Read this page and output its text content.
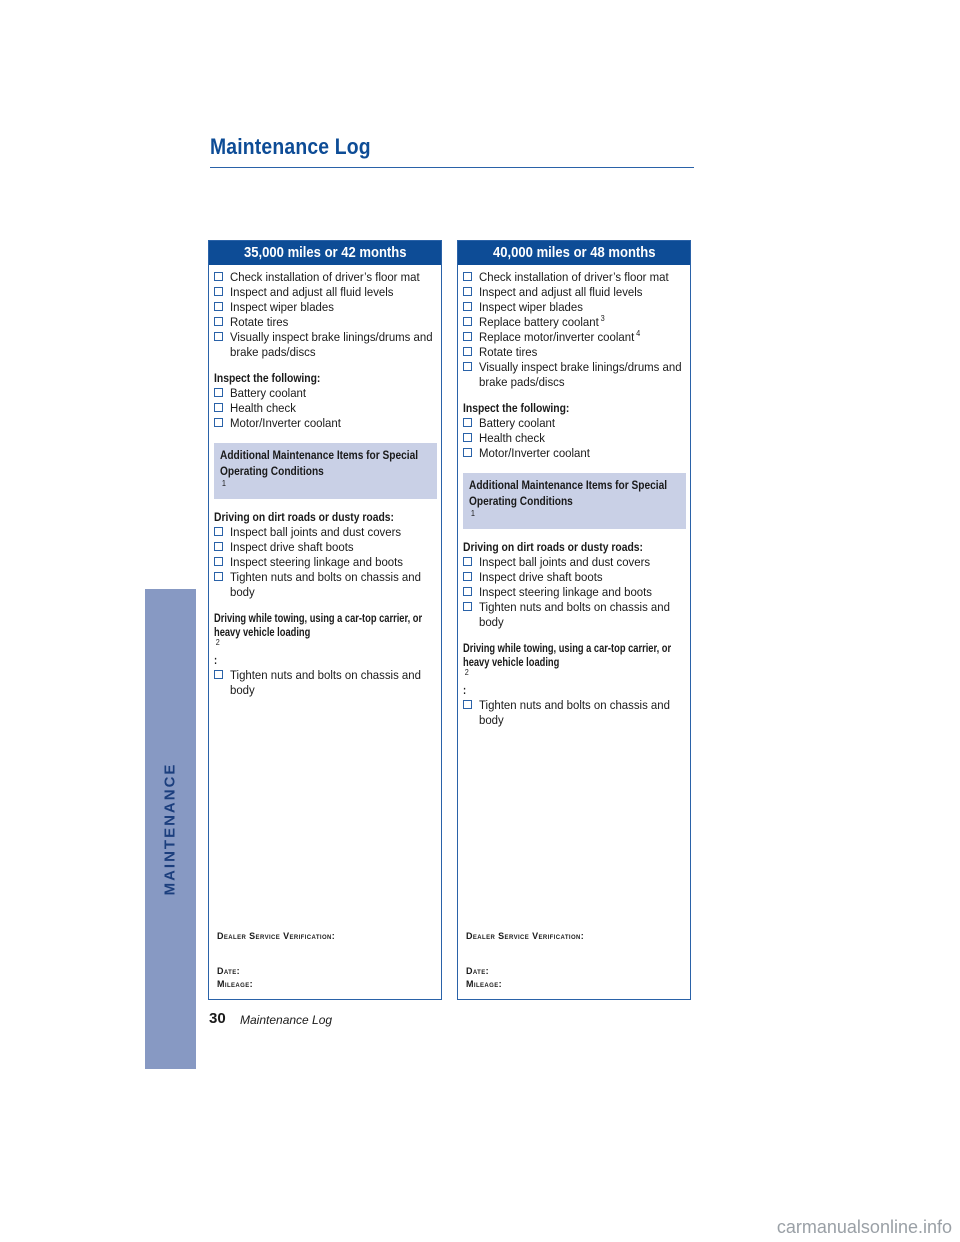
Maintenance Log
MAINTENANCE
35,000 miles or 42 months
Check installation of driver’s floor mat
Inspect and adjust all fluid levels
Inspect wiper blades
Rotate tires
Visually inspect brake linings/drums and brake pads/discs
Inspect the following:
Battery coolant
Health check
Motor/Inverter coolant
Additional Maintenance Items for Special Operating Conditions$^1$
Driving on dirt roads or dusty roads:
Inspect ball joints and dust covers
Inspect drive shaft boots
Inspect steering linkage and boots
Tighten nuts and bolts on chassis and body
Driving while towing, using a car-top carrier, or heavy vehicle loading$^2$:
Tighten nuts and bolts on chassis and body
Dealer Service Verification:
Date:
Mileage:
40,000 miles or 48 months
Check installation of driver’s floor mat
Inspect and adjust all fluid levels
Inspect wiper blades
Replace battery coolant $^3$
Replace motor/inverter coolant $^4$
Rotate tires
Visually inspect brake linings/drums and brake pads/discs
Inspect the following:
Battery coolant
Health check
Motor/Inverter coolant
Additional Maintenance Items for Special Operating Conditions$^1$
Driving on dirt roads or dusty roads:
Inspect ball joints and dust covers
Inspect drive shaft boots
Inspect steering linkage and boots
Tighten nuts and bolts on chassis and body
Driving while towing, using a car-top carrier, or heavy vehicle loading$^2$:
Tighten nuts and bolts on chassis and body
Dealer Service Verification:
Date:
Mileage:
30 Maintenance Log
carmanualsonline.info
